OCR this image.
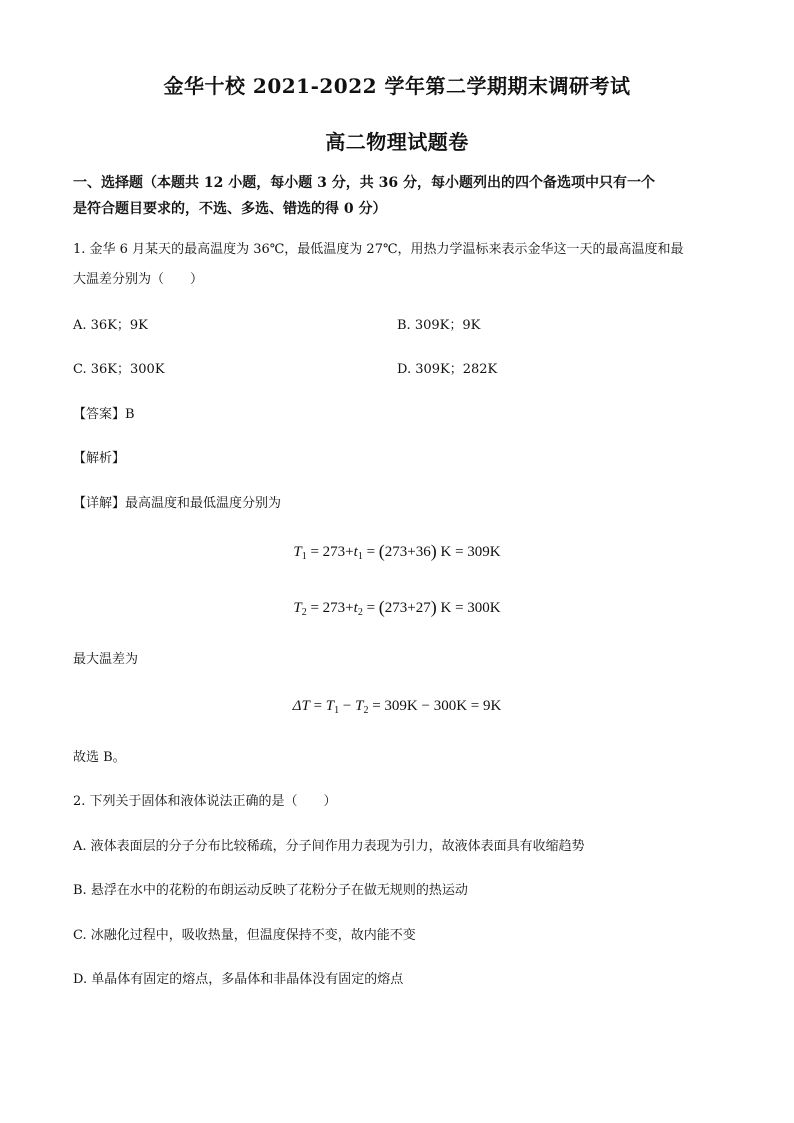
金华十校 2021-2022 学年第二学期期末调研考试
高二物理试题卷
一、选择题（本题共 12 小题，每小题 3 分，共 36 分，每小题列出的四个备选项中只有一个
是符合题目要求的，不选、多选、错选的得 0 分）
1. 金华 6 月某天的最高温度为 36℃，最低温度为 27℃，用热力学温标来表示金华这一天的最高温度和最
大温差分别为（　　）
A. 36K；9K	B. 309K；9K
C. 36K；300K	D. 309K；282K
【答案】B
【解析】
【详解】最高温度和最低温度分别为
$T_1 = 273+t_1 = (273+36) K = 309K$
$T_2 = 273+t_2 = (273+27) K = 300K$
最大温差为
$\Delta T = T_1 - T_2 = 309K - 300K = 9K$
故选 B。
2. 下列关于固体和液体说法正确的是（　　）
A. 液体表面层的分子分布比较稀疏，分子间作用力表现为引力，故液体表面具有收缩趋势
B. 悬浮在水中的花粉的布朗运动反映了花粉分子在做无规则的热运动
C. 冰融化过程中，吸收热量，但温度保持不变，故内能不变
D. 单晶体有固定的熔点，多晶体和非晶体没有固定的熔点
